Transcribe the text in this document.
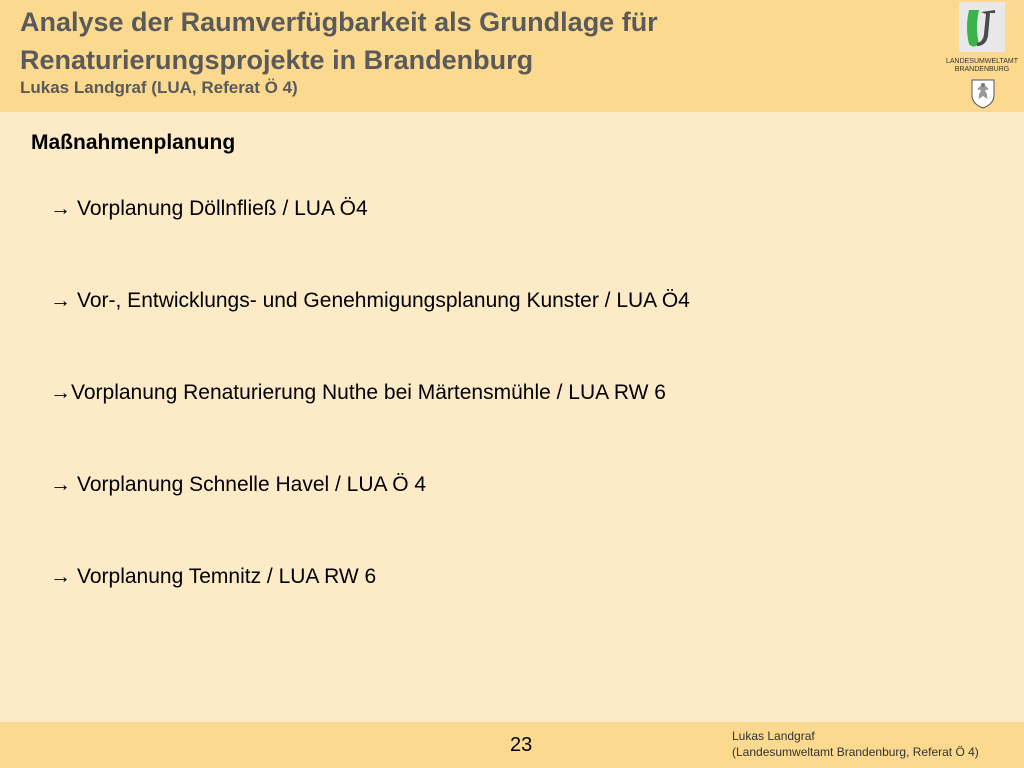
Analyse der Raumverfügbarkeit als Grundlage für
Renaturierungsprojekte in Brandenburg
Lukas Landgraf (LUA, Referat Ö 4)
LANDESUMWELTAMT
BRANDENBURG
Maßnahmenplanung
→ Vorplanung Döllnfließ / LUA Ö4
→ Vor-, Entwicklungs- und Genehmigungsplanung Kunster / LUA Ö4
→Vorplanung Renaturierung Nuthe bei Märtensmühle / LUA RW 6
→ Vorplanung Schnelle Havel / LUA Ö 4
→ Vorplanung Temnitz / LUA RW 6
23	Lukas Landgraf
(Landesumweltamt Brandenburg, Referat Ö 4)
